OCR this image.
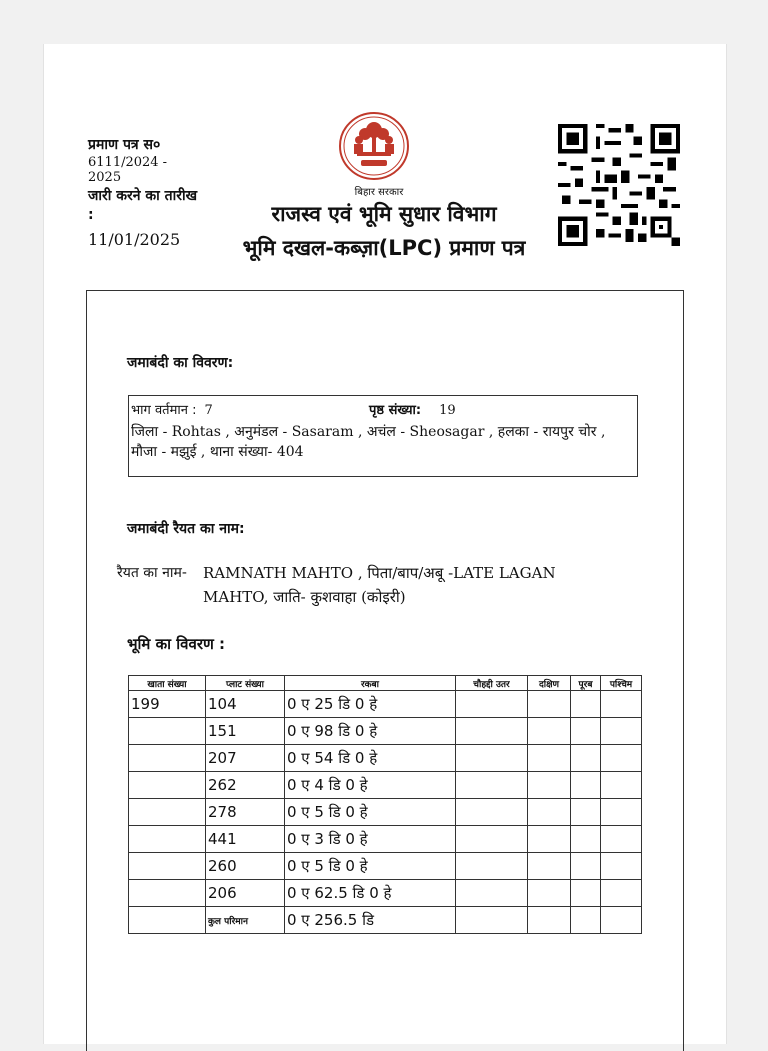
प्रमाण पत्र स०
6111/2024 - 2025
जारी करने का तारीख :
11/01/2025
बिहार सरकार
राजस्व एवं भूमि सुधार विभाग
भूमि दखल-कब्ज़ा(LPC) प्रमाण पत्र
जमाबंदी का विवरण:
भाग वर्तमान : 7	पृष्ठ संख्या: 19
जिला - Rohtas , अनुमंडल - Sasaram , अचंल - Sheosagar , हलका - रायपुर चोर , मौजा - मझुई , थाना संख्या- 404
जमाबंदी रैयत का नाम:
रैयत का नाम- RAMNATH MAHTO , पिता/बाप/अबू -LATE LAGAN MAHTO, जाति- कुशवाहा (कोइरी)
भूमि का विवरण :
खाता संख्या	प्लाट संख्या	रकबा	चौहद्दी उतर	दक्षिण	पूरब	पश्चिम
199	104	0 ए 25 डि 0 हे				
	151	0 ए 98 डि 0 हे				
	207	0 ए 54 डि 0 हे				
	262	0 ए 4 डि 0 हे				
	278	0 ए 5 डि 0 हे				
	441	0 ए 3 डि 0 हे				
	260	0 ए 5 डि 0 हे				
	206	0 ए 62.5 डि 0 हे				
	कुल परिमान	0 ए 256.5 डि				
